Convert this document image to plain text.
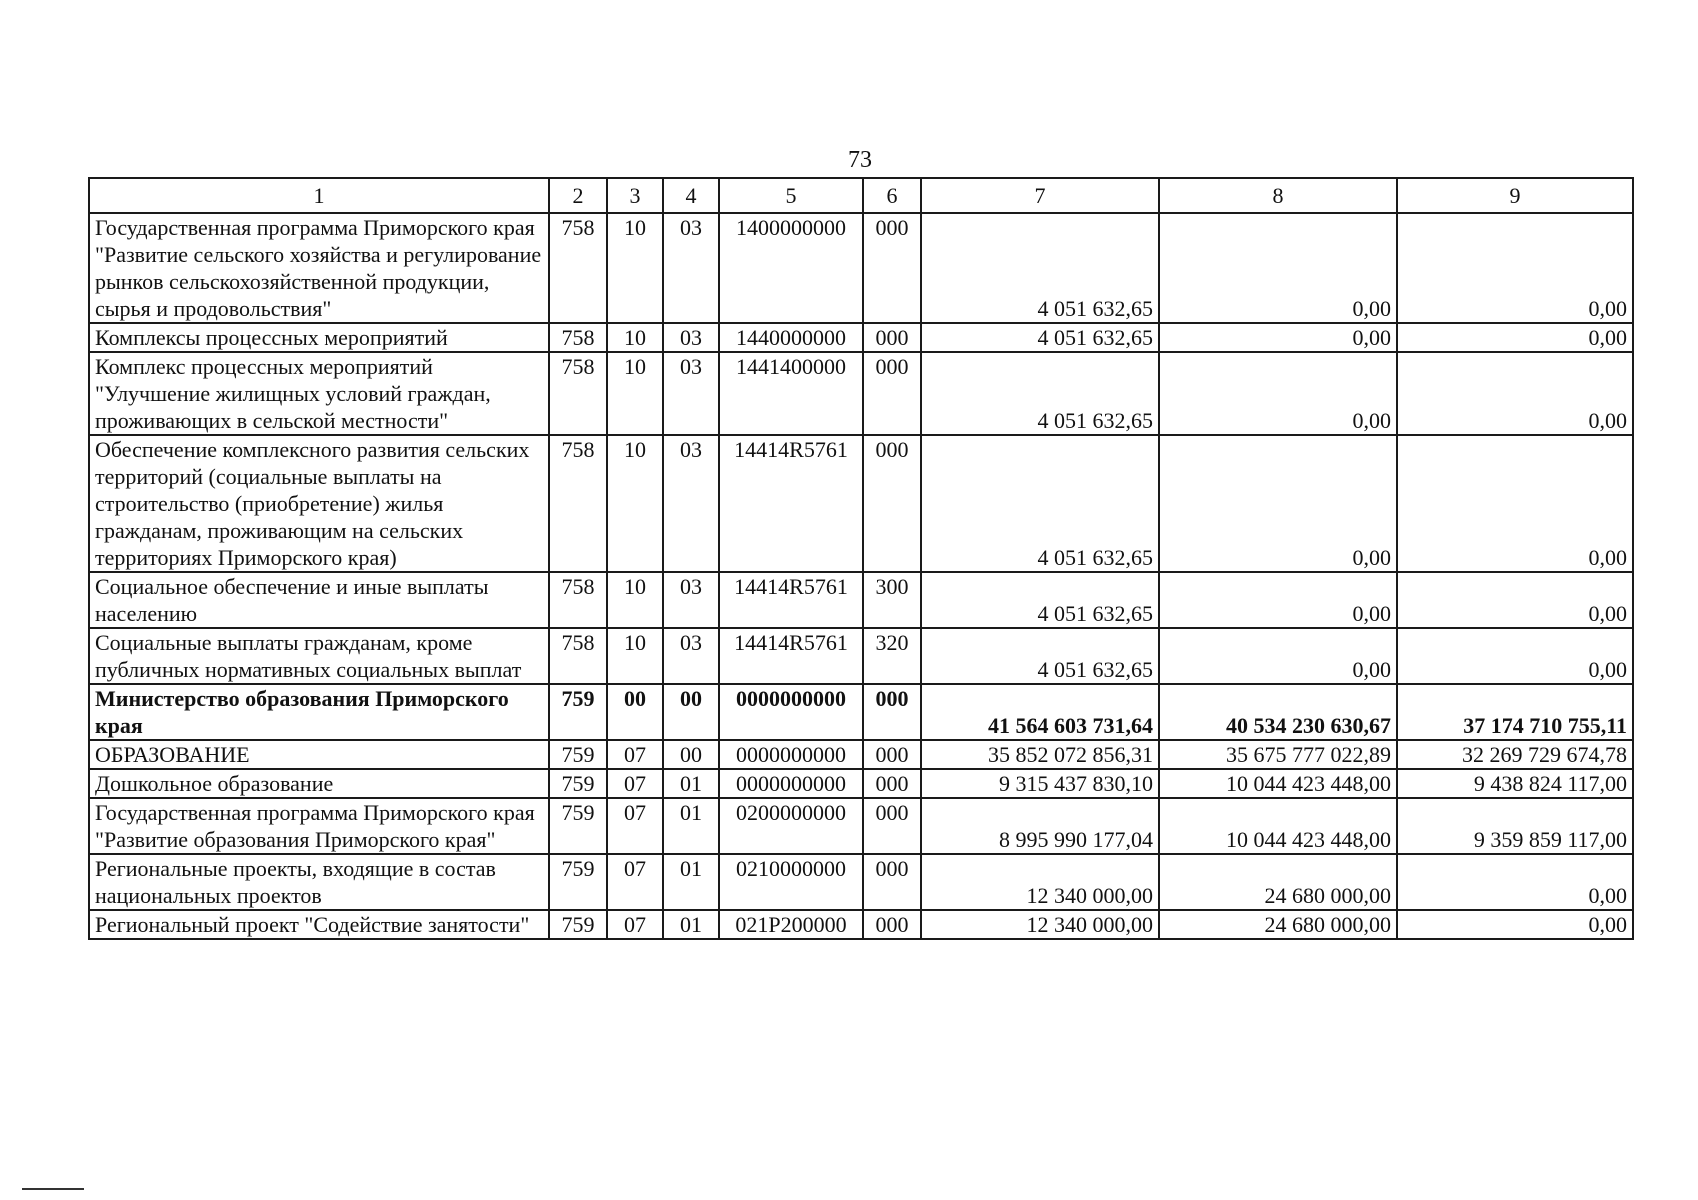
73
1	2	3	4	5	6	7	8	9
Государственная программа Приморского края "Развитие сельского хозяйства и регулирование рынков сельскохозяйственной продукции, сырья и продовольствия"	758	10	03	1400000000	000	4 051 632,65	0,00	0,00
Комплексы процессных мероприятий	758	10	03	1440000000	000	4 051 632,65	0,00	0,00
Комплекс процессных мероприятий "Улучшение жилищных условий граждан, проживающих в сельской местности"	758	10	03	1441400000	000	4 051 632,65	0,00	0,00
Обеспечение комплексного развития сельских территорий (социальные выплаты на строительство (приобретение) жилья гражданам, проживающим на сельских территориях Приморского края)	758	10	03	14414R5761	000	4 051 632,65	0,00	0,00
Социальное обеспечение и иные выплаты населению	758	10	03	14414R5761	300	4 051 632,65	0,00	0,00
Социальные выплаты гражданам, кроме публичных нормативных социальных выплат	758	10	03	14414R5761	320	4 051 632,65	0,00	0,00
Министерство образования Приморского края	759	00	00	0000000000	000	41 564 603 731,64	40 534 230 630,67	37 174 710 755,11
ОБРАЗОВАНИЕ	759	07	00	0000000000	000	35 852 072 856,31	35 675 777 022,89	32 269 729 674,78
Дошкольное образование	759	07	01	0000000000	000	9 315 437 830,10	10 044 423 448,00	9 438 824 117,00
Государственная программа Приморского края "Развитие образования Приморского края"	759	07	01	0200000000	000	8 995 990 177,04	10 044 423 448,00	9 359 859 117,00
Региональные проекты, входящие в состав национальных проектов	759	07	01	0210000000	000	12 340 000,00	24 680 000,00	0,00
Региональный проект "Содействие занятости"	759	07	01	021P200000	000	12 340 000,00	24 680 000,00	0,00
